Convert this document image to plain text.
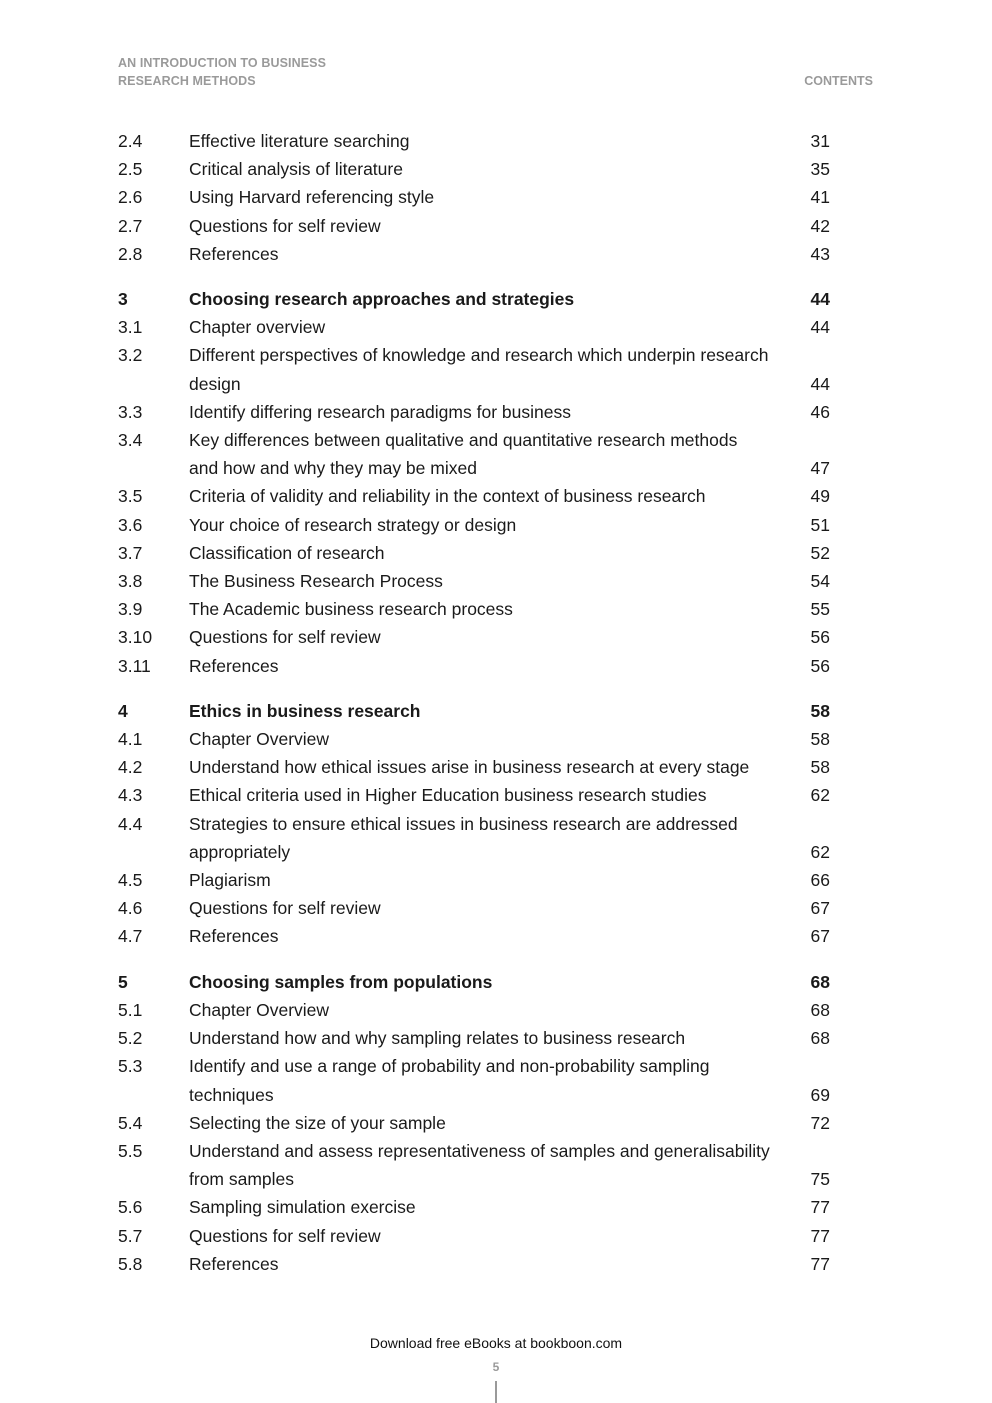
AN INTRODUCTION TO BUSINESS
RESEARCH METHODS	CONTENTS
2.4	Effective literature searching	31
2.5	Critical analysis of literature	35
2.6	Using Harvard referencing style	41
2.7	Questions for self review	42
2.8	References	43
3	Choosing research approaches and strategies	44
3.1	Chapter overview	44
3.2	Different perspectives of knowledge and research which underpin research design	44
3.3	Identify differing research paradigms for business	46
3.4	Key differences between qualitative and quantitative research methods and how and why they may be mixed	47
3.5	Criteria of validity and reliability in the context of business research	49
3.6	Your choice of research strategy or design	51
3.7	Classification of research	52
3.8	The Business Research Process	54
3.9	The Academic business research process	55
3.10	Questions for self review	56
3.11	References	56
4	Ethics in business research	58
4.1	Chapter Overview	58
4.2	Understand how ethical issues arise in business research at every stage	58
4.3	Ethical criteria used in Higher Education business research studies	62
4.4	Strategies to ensure ethical issues in business research are addressed appropriately	62
4.5	Plagiarism	66
4.6	Questions for self review	67
4.7	References	67
5	Choosing samples from populations	68
5.1	Chapter Overview	68
5.2	Understand how and why sampling relates to business research	68
5.3	Identify and use a range of probability and non-probability sampling techniques	69
5.4	Selecting the size of your sample	72
5.5	Understand and assess representativeness of samples and generalisability from samples	75
5.6	Sampling simulation exercise	77
5.7	Questions for self review	77
5.8	References	77
Download free eBooks at bookboon.com
5
